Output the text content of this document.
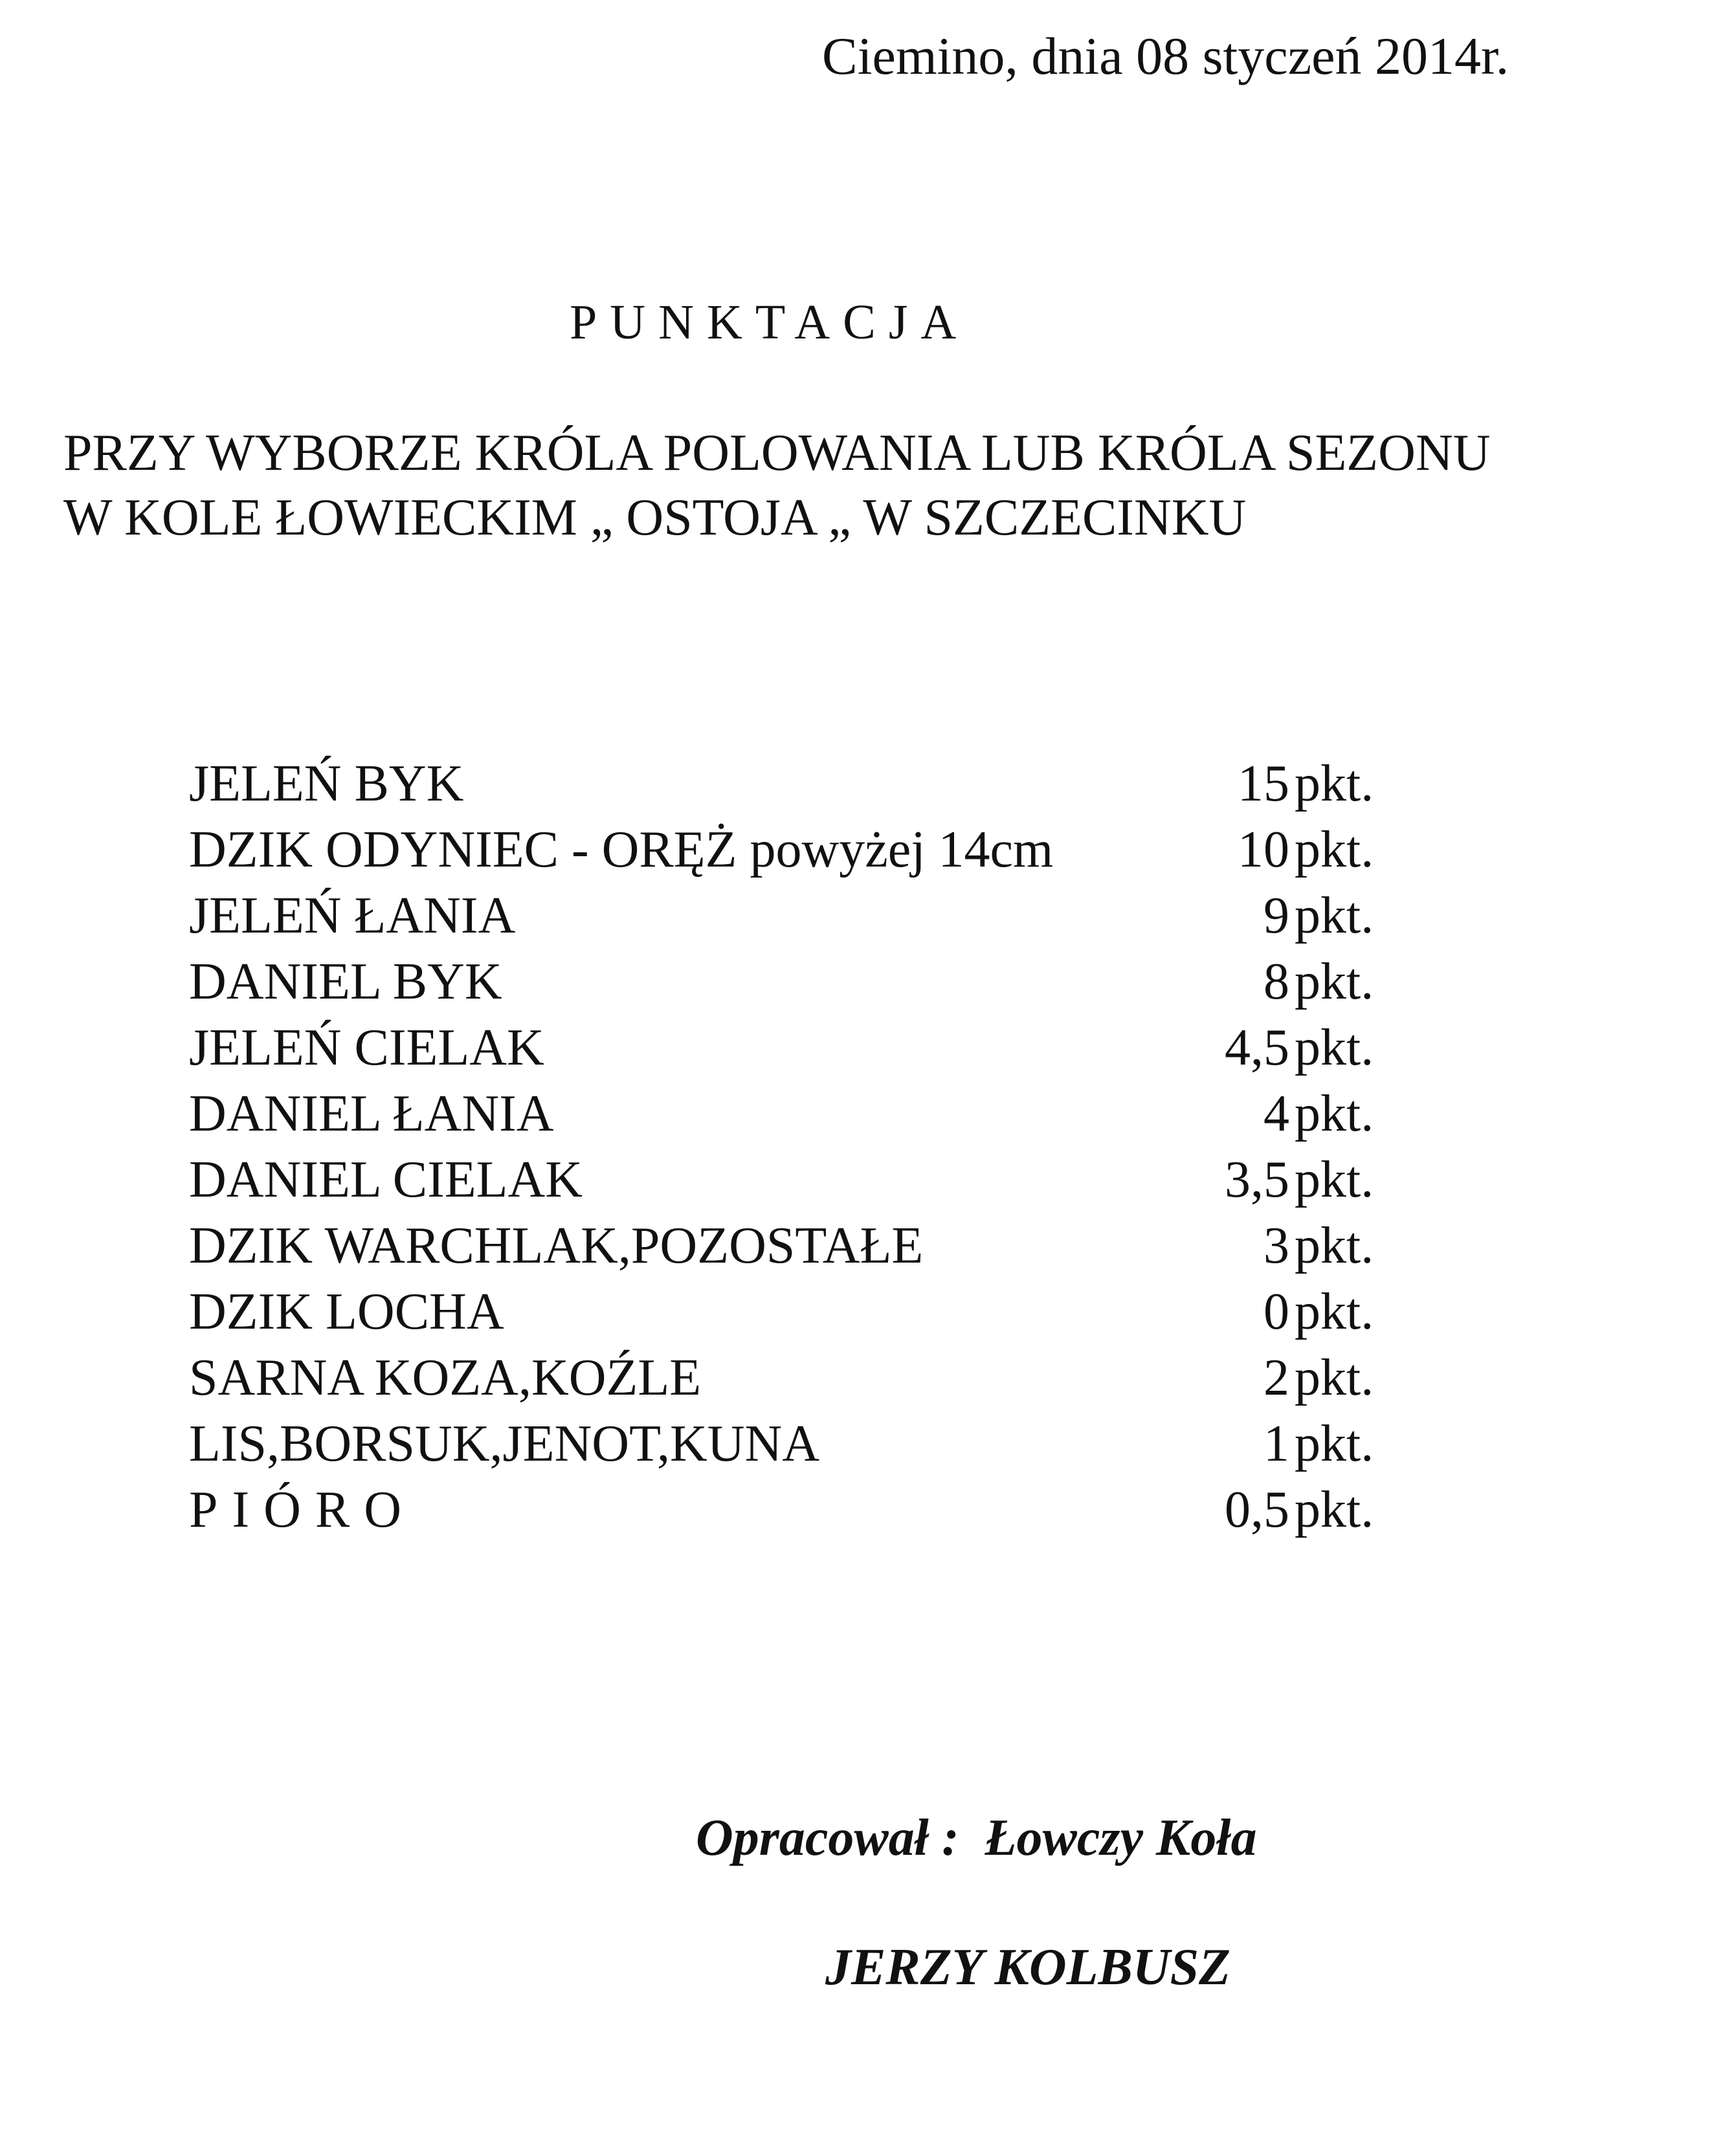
Ciemino, dnia 08 styczeń 2014r.
PUNKTACJA
PRZY WYBORZE KRÓLA POLOWANIA LUB KRÓLA SEZONU
W KOLE ŁOWIECKIM „ OSTOJA „ W SZCZECINKU
JELEŃ BYK	15	pkt.
DZIK ODYNIEC - ORĘŻ powyżej 14cm	10	pkt.
JELEŃ ŁANIA	9	pkt.
DANIEL BYK	8	pkt.
JELEŃ CIELAK	4,5	pkt.
DANIEL ŁANIA	4	pkt.
DANIEL CIELAK	3,5	pkt.
DZIK WARCHLAK,POZOSTAŁE	3	pkt.
DZIK LOCHA	0	pkt.
SARNA KOZA,KOŹLE	2	pkt.
LIS,BORSUK,JENOT,KUNA	1	pkt.
PIÓRO	0,5	pkt.
Opracował : Łowczy Koła
JERZY KOLBUSZ
